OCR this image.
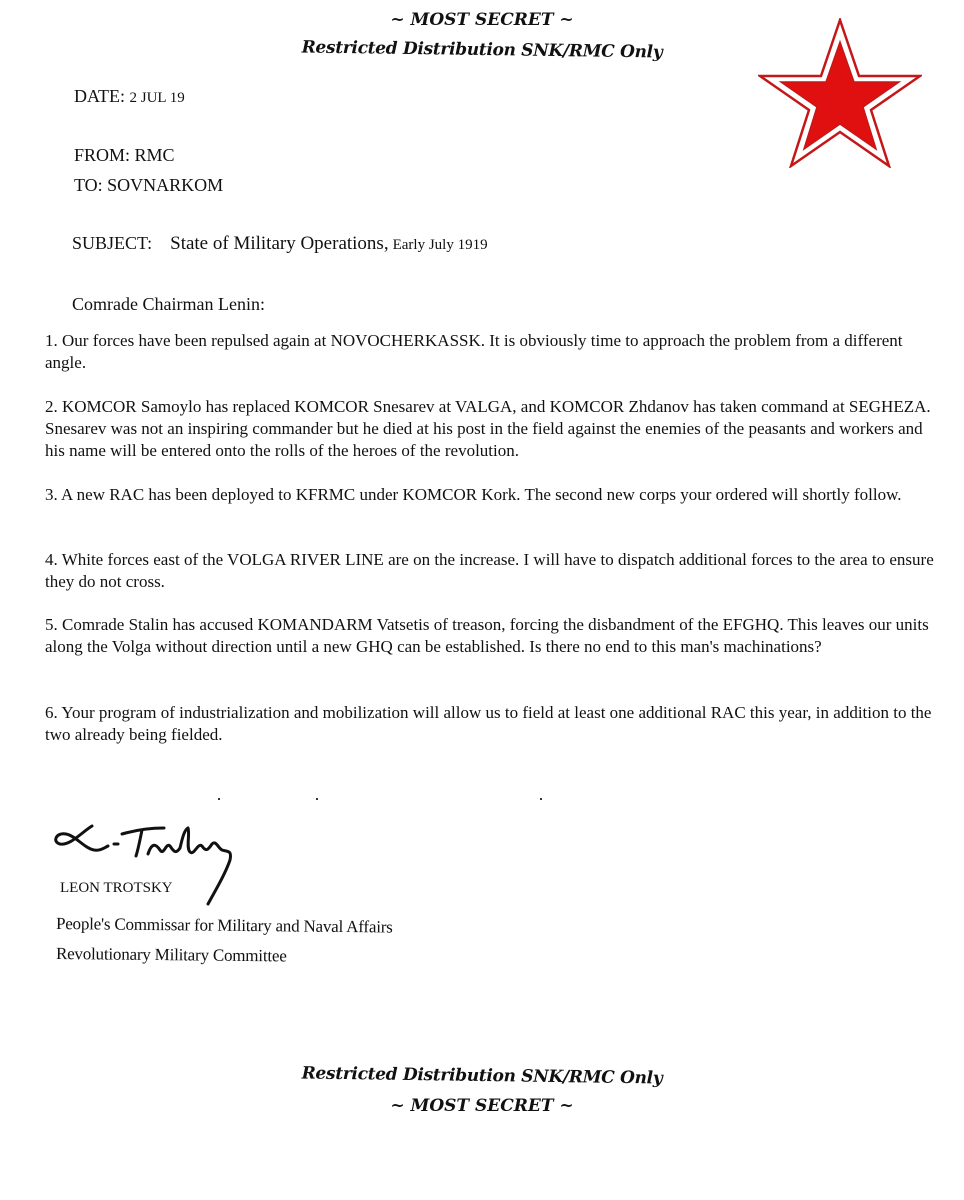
~ MOST SECRET ~
Restricted Distribution SNK/RMC Only
DATE: 2 JUL 19
FROM: RMC
TO: SOVNARKOM
SUBJECT: State of Military Operations, Early July 1919
Comrade Chairman Lenin:

1. Our forces have been repulsed again at NOVOCHERKASSK. It is obviously time to approach the problem from a different angle.

2. KOMCOR Samoylo has replaced KOMCOR Snesarev at VALGA, and KOMCOR Zhdanov has taken command at SEGHEZA. Snesarev was not an inspiring commander but he died at his post in the field against the enemies of the peasants and workers and his name will be entered onto the rolls of the heroes of the revolution.

3. A new RAC has been deployed to KFRMC under KOMCOR Kork. The second new corps your ordered will shortly follow.

4. White forces east of the VOLGA RIVER LINE are on the increase. I will have to dispatch additional forces to the area to ensure they do not cross.

5. Comrade Stalin has accused KOMANDARM Vatsetis of treason, forcing the disbandment of the EFGHQ. This leaves our units along the Volga without direction until a new GHQ can be established. Is there no end to this man's machinations?

6. Your program of industrialization and mobilization will allow us to field at least one additional RAC this year, in addition to the two already being fielded.

LEON TROTSKY
People's Commissar for Military and Naval Affairs
Revolutionary Military Committee
Restricted Distribution SNK/RMC Only
~ MOST SECRET ~
